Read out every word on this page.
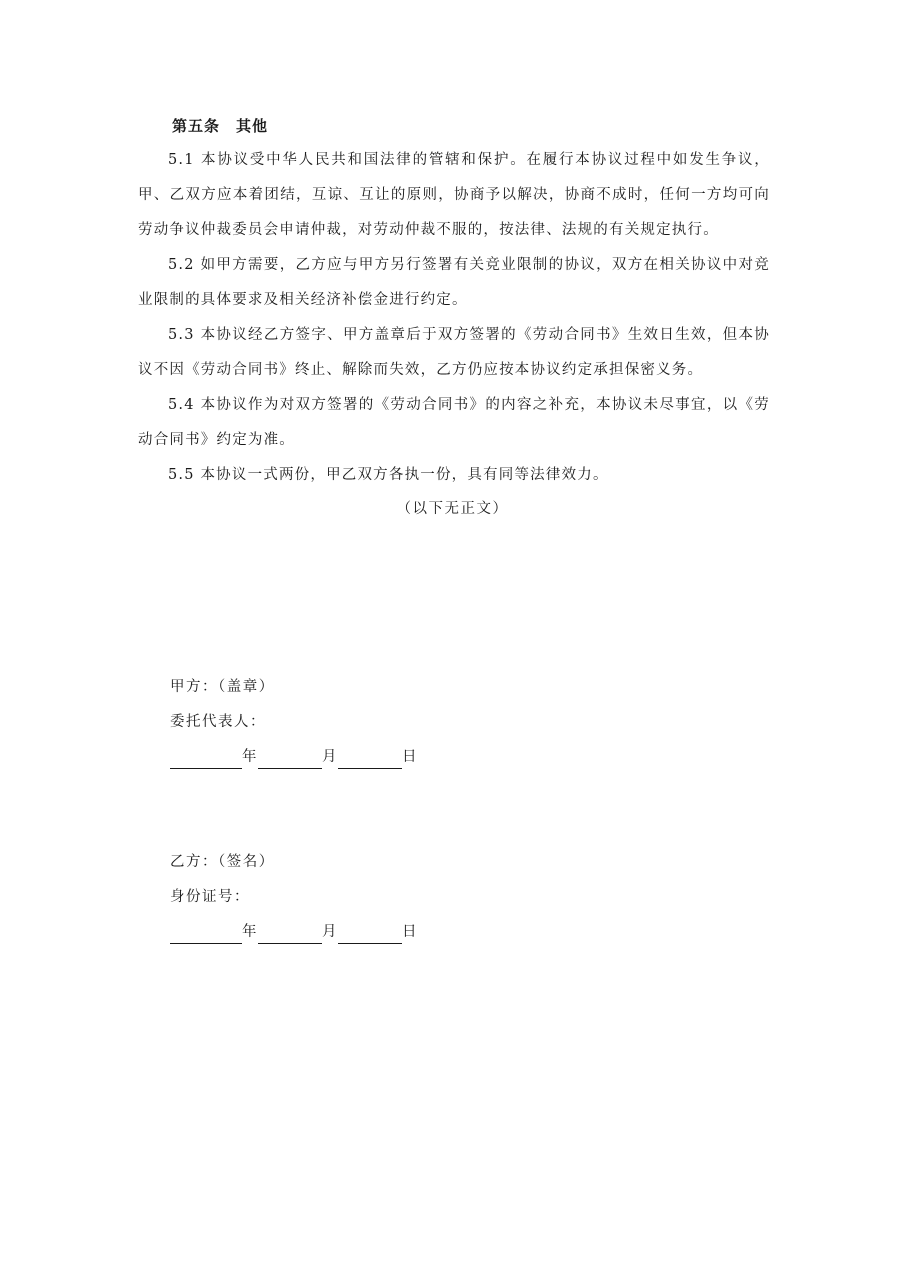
第五条　其他

5.1 本协议受中华人民共和国法律的管辖和保护。在履行本协议过程中如发生争议，甲、乙双方应本着团结，互谅、互让的原则，协商予以解决，协商不成时，任何一方均可向劳动争议仲裁委员会申请仲裁，对劳动仲裁不服的，按法律、法规的有关规定执行。

5.2 如甲方需要，乙方应与甲方另行签署有关竞业限制的协议，双方在相关协议中对竞业限制的具体要求及相关经济补偿金进行约定。

5.3 本协议经乙方签字、甲方盖章后于双方签署的《劳动合同书》生效日生效，但本协议不因《劳动合同书》终止、解除而失效，乙方仍应按本协议约定承担保密义务。

5.4 本协议作为对双方签署的《劳动合同书》的内容之补充，本协议未尽事宜，以《劳动合同书》约定为准。

5.5 本协议一式两份，甲乙双方各执一份，具有同等法律效力。

（以下无正文）
甲方：（盖章）
委托代表人：
年	月	日
乙方：（签名）
身份证号：
年	月	日
